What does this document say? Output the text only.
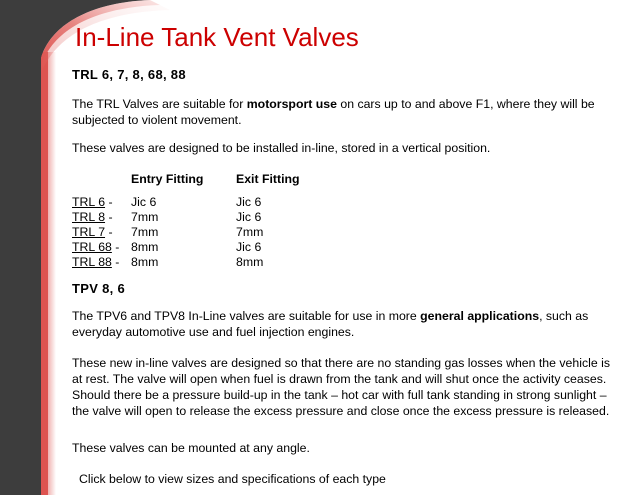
In-Line Tank Vent Valves
TRL 6, 7, 8, 68, 88
The TRL Valves are suitable for motorsport use on cars up to and above F1, where they will be subjected to violent movement.
These valves are designed to be installed in-line, stored in a vertical position.
	Entry Fitting	Exit Fitting
TRL 6 -	Jic 6	Jic 6
TRL 8 -	7mm	Jic 6
TRL 7 -	7mm	7mm
TRL 68 -	8mm	Jic 6
TRL 88 -	8mm	8mm
TPV 8, 6
The TPV6 and TPV8 In-Line valves are suitable for use in more general applications, such as everyday automotive use and fuel injection engines.
These new in-line valves are designed so that there are no standing gas losses when the vehicle is at rest. The valve will open when fuel is drawn from the tank and will shut once the activity ceases. Should there be a pressure build-up in the tank – hot car with full tank standing in strong sunlight – the valve will open to release the excess pressure and close once the excess pressure is released.
These valves can be mounted at any angle.
Click below to view sizes and specifications of each type
